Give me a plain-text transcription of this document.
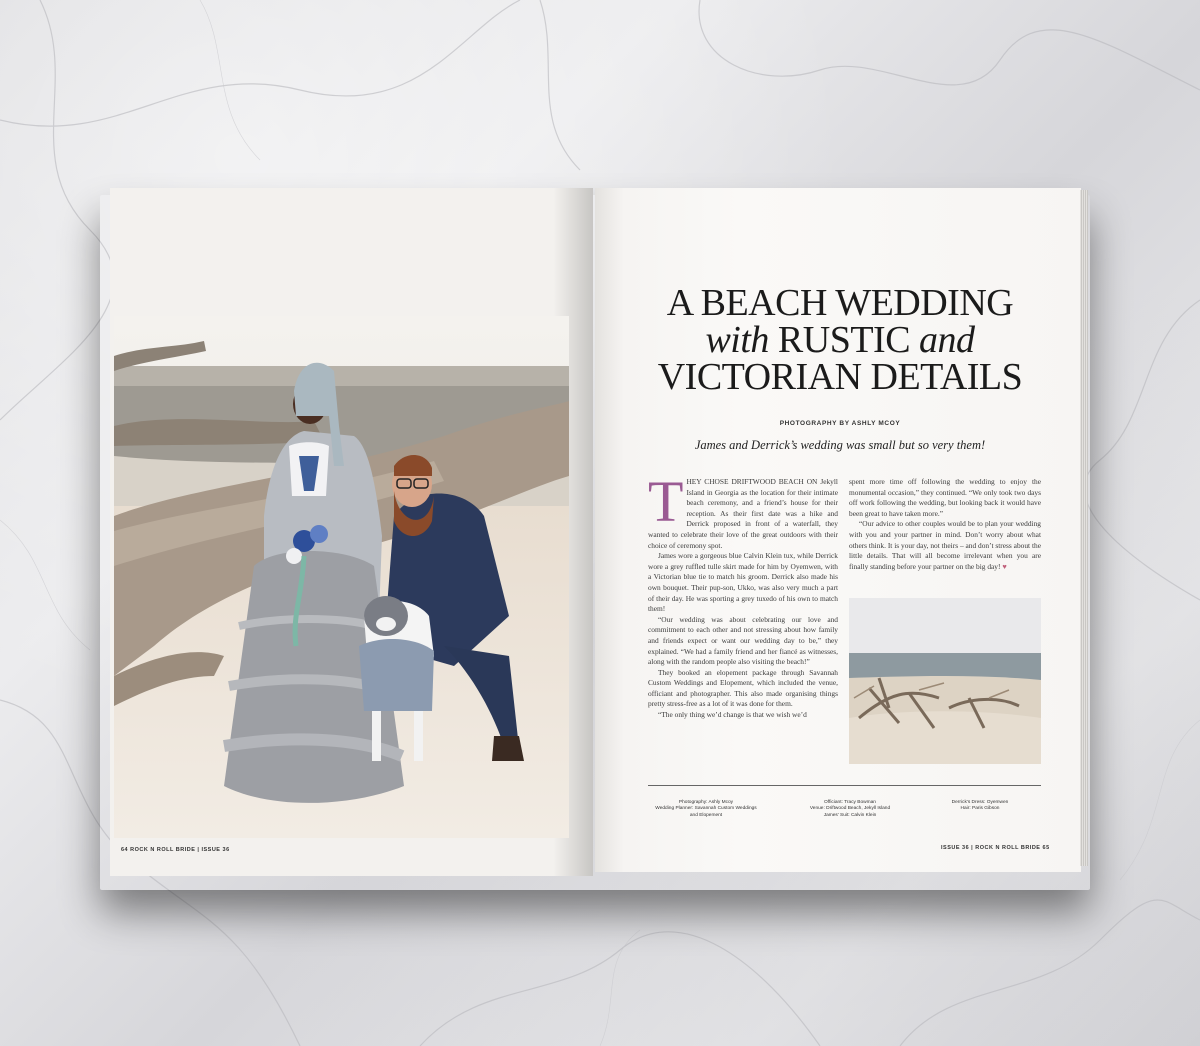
64 ROCK N ROLL BRIDE | ISSUE 36
A BEACH WEDDING
with RUSTIC and
VICTORIAN DETAILS
PHOTOGRAPHY BY ASHLY MCOY
James and Derrick’s wedding was small but so very them!

THEY CHOSE DRIFTWOOD BEACH ON Jekyll Island in Georgia as the location for their intimate beach ceremony, and a friend’s house for their reception. As their first date was a hike and Derrick proposed in front of a waterfall, they wanted to celebrate their love of the great outdoors with their choice of ceremony spot.

James wore a gorgeous blue Calvin Klein tux, while Derrick wore a grey ruffled tulle skirt made for him by Oyemwen, with a Victorian blue tie to match his groom. Derrick also made his own bouquet. Their pup-son, Ukko, was also very much a part of their day. He was sporting a grey tuxedo of his own to match them!

“Our wedding was about celebrating our love and commitment to each other and not stressing about how family and friends expect or want our wedding day to be,” they explained. “We had a family friend and her fiancé as witnesses, along with the random people also visiting the beach!”

They booked an elopement package through Savannah Custom Weddings and Elopement, which included the venue, officiant and photographer. This also made organising things pretty stress-free as a lot of it was done for them.

“The only thing we’d change is that we wish we’d

spent more time off following the wedding to enjoy the monumental occasion,” they continued. “We only took two days off work following the wedding, but looking back it would have been great to have taken more.”

“Our advice to other couples would be to plan your wedding with you and your partner in mind. Don’t worry about what others think. It is your day, not theirs – and don’t stress about the little details. That will all become irrelevant when you are finally standing before your partner on the big day! ♥

Photography: Ashly Mcoy
Wedding Planner: Savannah Custom Weddings
and Elopement
Officiant: Tracy Bowman
Venue: Driftwood Beach, Jekyll Island
James’ Suit: Calvin Klein
Derrick’s Dress: Oyemwen
Hair: Paris Gibson
ISSUE 36 | ROCK N ROLL BRIDE 65
